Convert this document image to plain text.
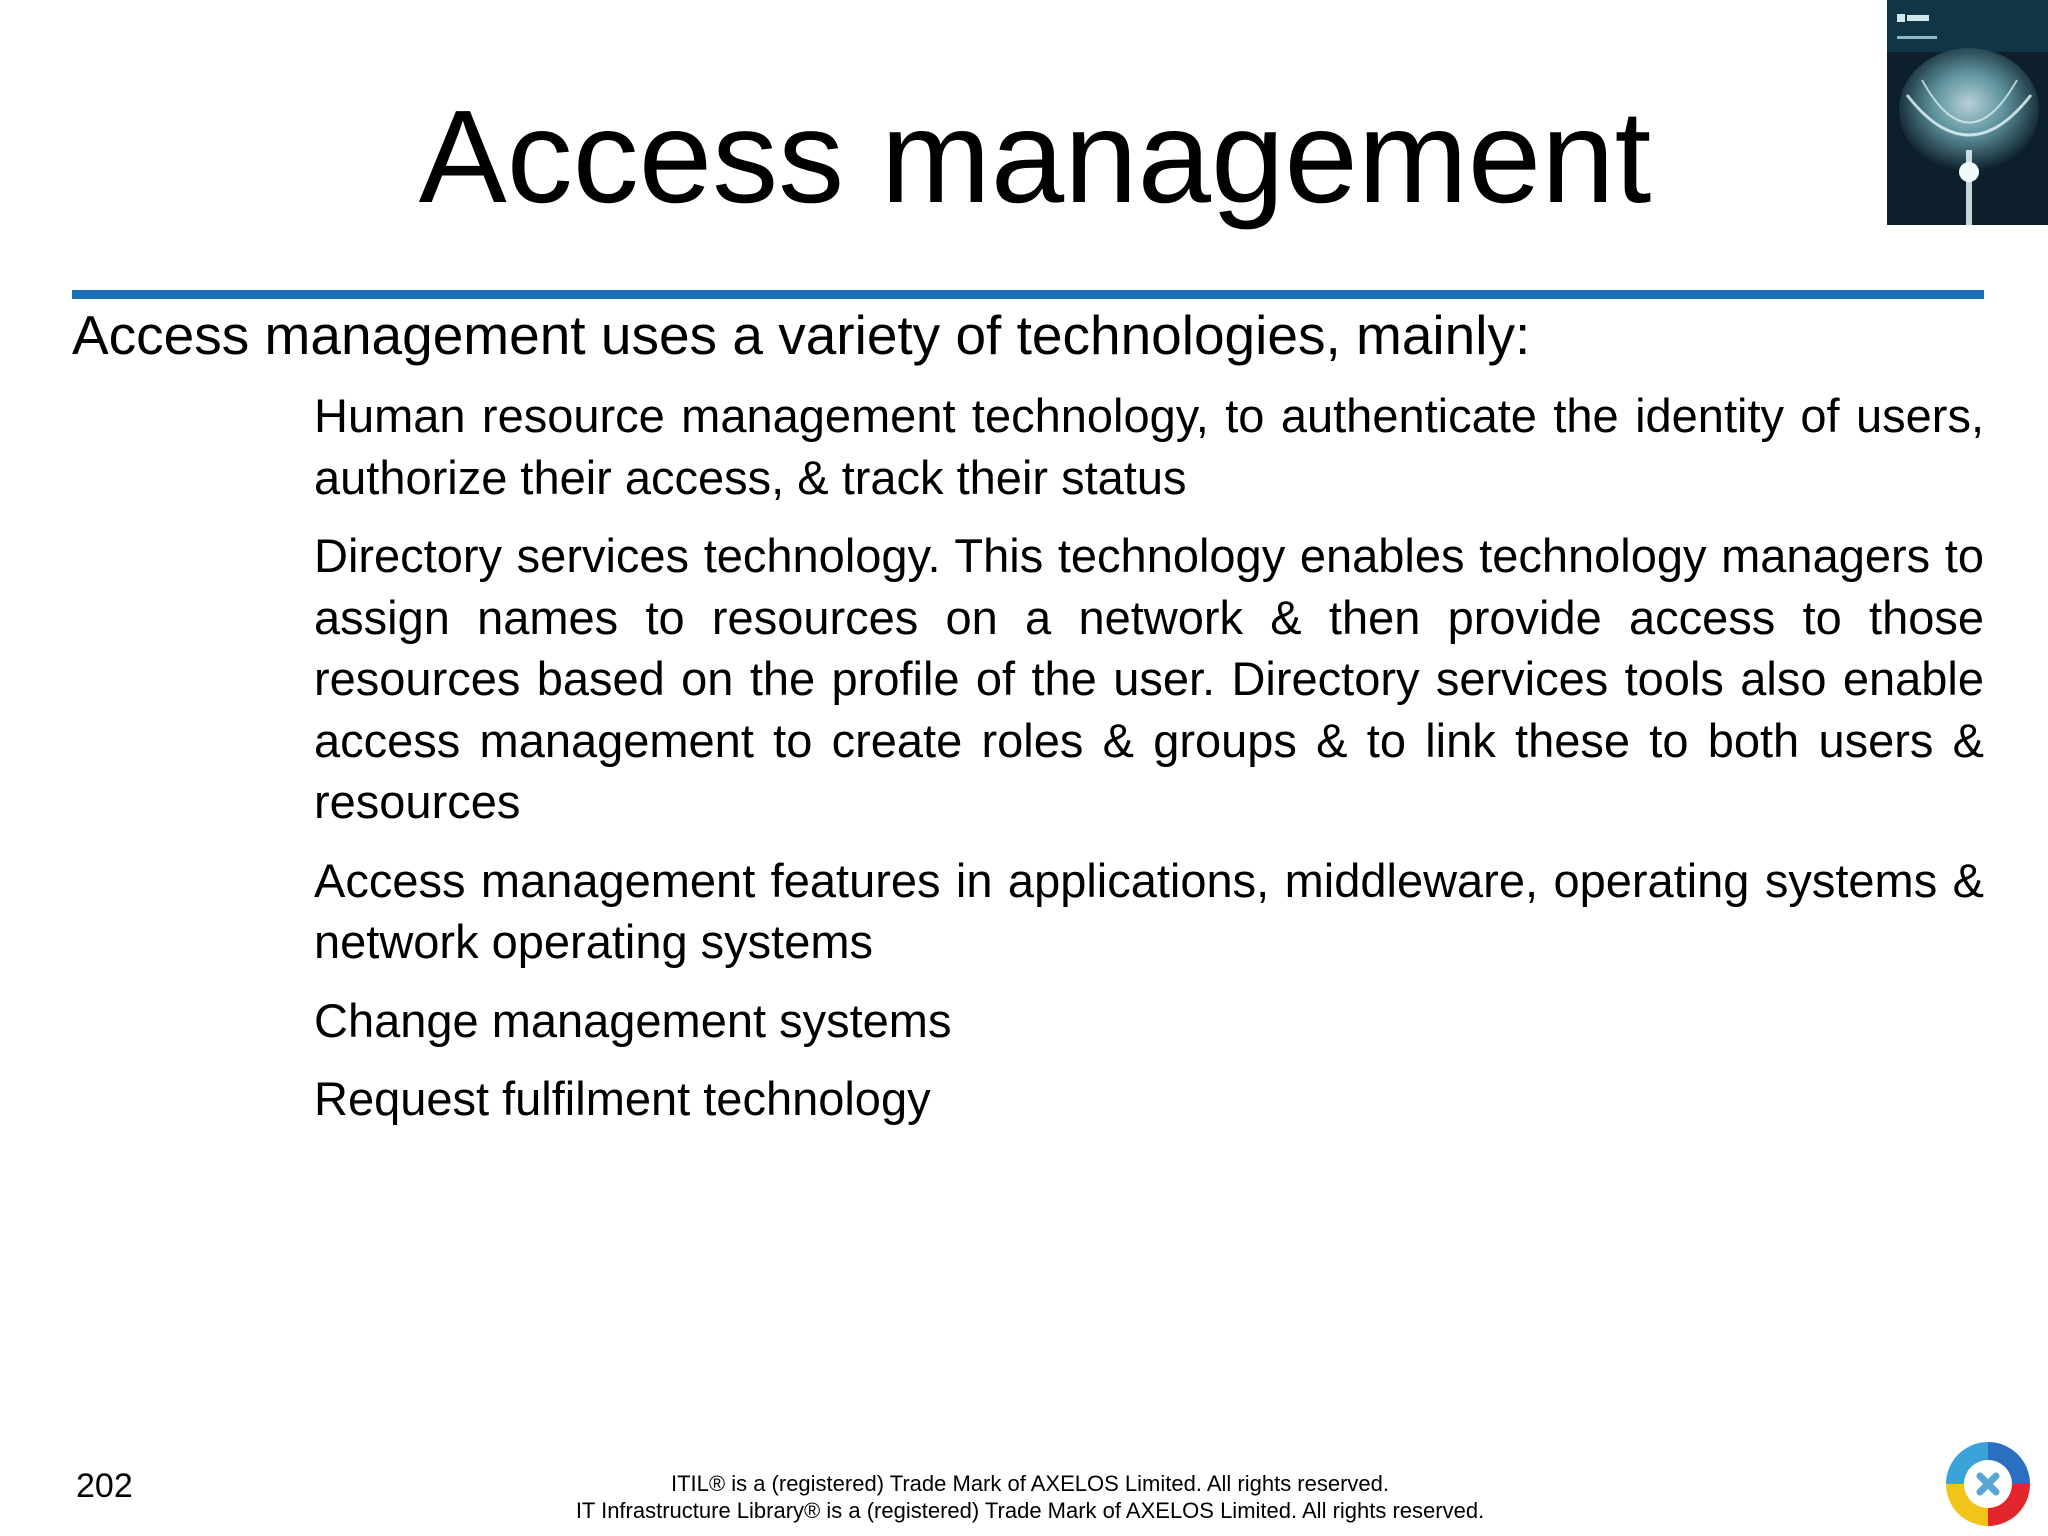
Access management

Access management uses a variety of technologies, mainly:

Human resource management technology, to authenticate the identity of users, authorize their access, & track their status
Directory services technology. This technology enables technology managers to assign names to resources on a network & then provide access to those resources based on the profile of the user. Directory services tools also enable access management to create roles & groups & to link these to both users & resources
Access management features in applications, middleware, operating systems & network operating systems
Change management systems
Request fulfilment technology
202	ITIL® is a (registered) Trade Mark of AXELOS Limited. All rights reserved.
IT Infrastructure Library® is a (registered) Trade Mark of AXELOS Limited. All rights reserved.
